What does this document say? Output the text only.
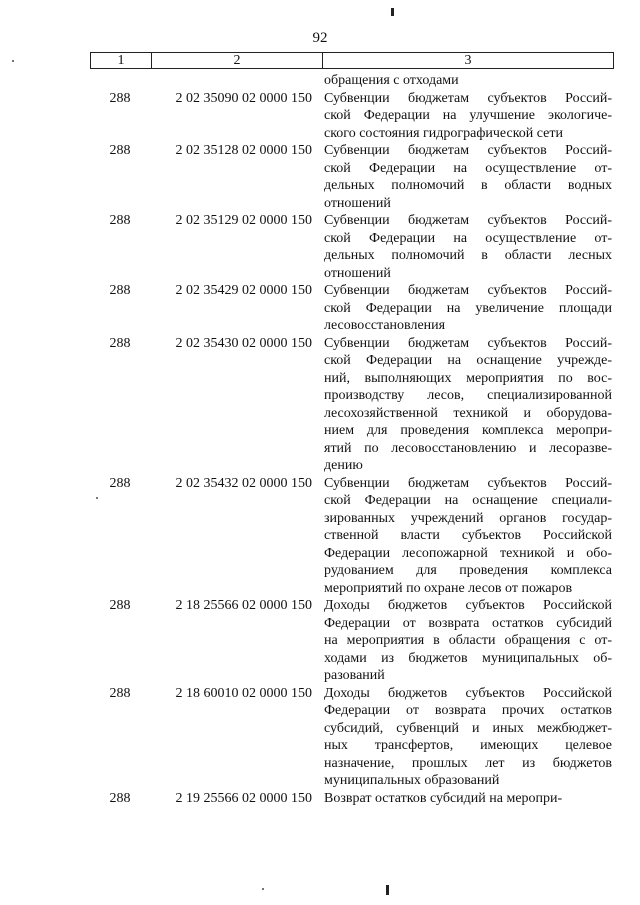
92
1	2	3
обращения с отходами
288	2 02 35090 02 0000 150 Субвенции бюджетам субъектов Россий-
ской Федерации на улучшение экологиче-
ского состояния гидрографической сети
288	2 02 35128 02 0000 150 Субвенции бюджетам субъектов Россий-
ской Федерации на осуществление от-
дельных полномочий в области водных
отношений
288	2 02 35129 02 0000 150 Субвенции бюджетам субъектов Россий-
ской Федерации на осуществление от-
дельных полномочий в области лесных
отношений
288	2 02 35429 02 0000 150 Субвенции бюджетам субъектов Россий-
ской Федерации на увеличение площади
лесовосстановления
288	2 02 35430 02 0000 150 Субвенции бюджетам субъектов Россий-
ской Федерации на оснащение учрежде-
ний, выполняющих мероприятия по вос-
производству лесов, специализированной
лесохозяйственной техникой и оборудова-
нием для проведения комплекса меропри-
ятий по лесовосстановлению и лесоразве-
дению
288	2 02 35432 02 0000 150 Субвенции бюджетам субъектов Россий-
ской Федерации на оснащение специали-
зированных учреждений органов государ-
ственной власти субъектов Российской
Федерации лесопожарной техникой и обо-
рудованием для проведения комплекса
мероприятий по охране лесов от пожаров
288	2 18 25566 02 0000 150 Доходы бюджетов субъектов Российской
Федерации от возврата остатков субсидий
на мероприятия в области обращения с от-
ходами из бюджетов муниципальных об-
разований
288	2 18 60010 02 0000 150 Доходы бюджетов субъектов Российской
Федерации от возврата прочих остатков
субсидий, субвенций и иных межбюджет-
ных трансфертов, имеющих целевое
назначение, прошлых лет из бюджетов
муниципальных образований
288	2 19 25566 02 0000 150 Возврат остатков субсидий на меропри-
